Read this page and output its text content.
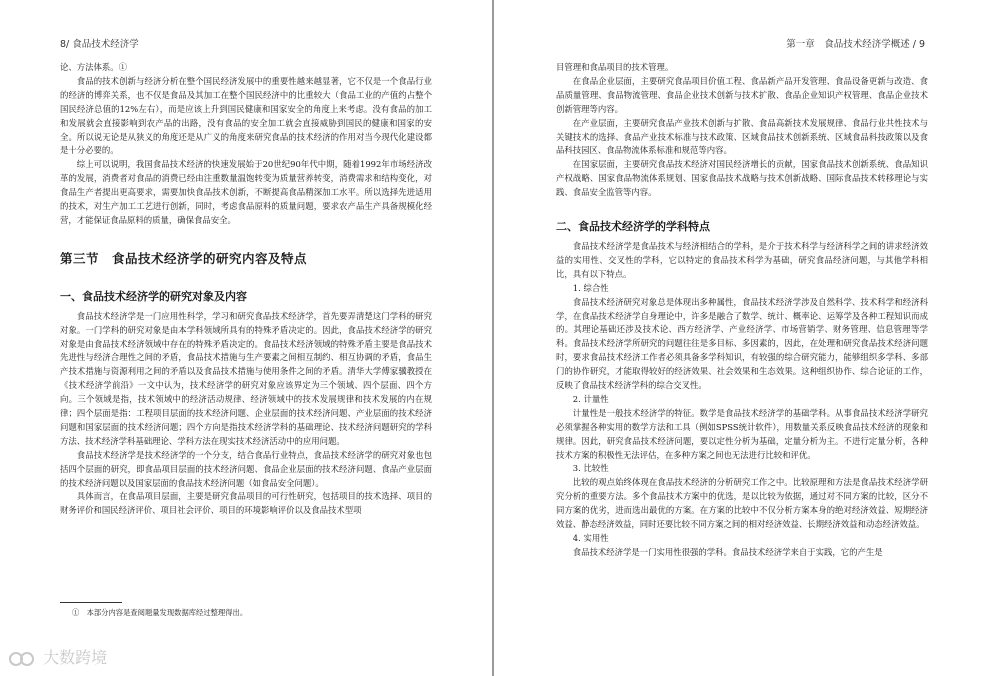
8/ 食品技术经济学	第一章　食品技术经济学概述 / 9

论、方法体系。①

食品的技术创新与经济分析在整个国民经济发展中的重要性越来越显著，它不仅是一个食品行业的经济的博弈关系，也不仅是食品及其加工在整个国民经济中的比重较大（食品工业的产值约占整个国民经济总值的12%左右），而是应该上升到国民健康和国家安全的角度上来考虑。没有食品的加工和发展就会直接影响到农产品的出路，没有食品的安全加工就会直接威胁到国民的健康和国家的安全。所以说无论是从狭义的角度还是从广义的角度来研究食品的技术经济的作用对当今现代化建设都是十分必要的。

综上可以说明，我国食品技术经济的快速发展始于20世纪90年代中期，随着1992年市场经济改革的发展，消费者对食品的消费已经由注重数量温饱转变为质量营养转变，消费需求和结构变化，对食品生产者提出更高要求，需要加快食品技术创新，不断提高食品精深加工水平。所以选择先进适用的技术，对生产加工工艺进行创新，同时，考虑食品原料的质量问题，要求农产品生产具备规模化经营，才能保证食品原料的质量，确保食品安全。

第三节　食品技术经济学的研究内容及特点
一、食品技术经济学的研究对象及内容

食品技术经济学是一门应用性科学，学习和研究食品技术经济学，首先要弄清楚这门学科的研究对象。一门学科的研究对象是由本学科领域所具有的特殊矛盾决定的。因此，食品技术经济学的研究对象是由食品技术经济领域中存在的特殊矛盾决定的。食品技术经济领域的特殊矛盾主要是食品技术先进性与经济合理性之间的矛盾，食品技术措施与生产要素之间相互制约、相互协调的矛盾，食品生产技术措施与资源利用之间的矛盾以及食品技术措施与使用条件之间的矛盾。清华大学傅家骥教授在《技术经济学前沿》一文中认为，技术经济学的研究对象应该界定为三个领域、四个层面、四个方向。三个领域是指，技术领域中的经济活动规律、经济领域中的技术发展规律和技术发展的内在规律；四个层面是指：工程项目层面的技术经济问题、企业层面的技术经济问题、产业层面的技术经济问题和国家层面的技术经济问题；四个方向是指技术经济学科的基础理论、技术经济问题研究的学科方法、技术经济学科基础理论、学科方法在现实技术经济活动中的应用问题。

食品技术经济学是技术经济学的一个分支，结合食品行业特点，食品技术经济学的研究对象也包括四个层面的研究，即食品项目层面的技术经济问题、食品企业层面的技术经济问题、食品产业层面的技术经济问题以及国家层面的食品技术经济问题（如食品安全问题）。

具体而言，在食品项目层面，主要是研究食品项目的可行性研究，包括项目的技术选择、项目的财务评价和国民经济评价、项目社会评价、项目的环境影响评价以及食品技术型项

①　本部分内容是查阅题量发现数据库经过整理得出。

目管理和食品项目的技术管理。

在食品企业层面，主要研究食品项目价值工程、食品新产品开发管理、食品设备更新与改造、食品质量管理、食品物流管理、食品企业技术创新与技术扩散、食品企业知识产权管理、食品企业技术创新管理等内容。

在产业层面，主要研究食品产业技术创新与扩散、食品高新技术发展规律、食品行业共性技术与关键技术的选择、食品产业技术标准与技术政策、区域食品技术创新系统、区域食品科技政策以及食品科技园区、食品物流体系标准和规范等内容。

在国家层面，主要研究食品技术经济对国民经济增长的贡献，国家食品技术创新系统、食品知识产权战略、国家食品物流体系规划、国家食品技术战略与技术创新战略、国际食品技术转移理论与实践、食品安全监管等内容。

二、食品技术经济学的学科特点

食品技术经济学是食品技术与经济相结合的学科，是介于技术科学与经济科学之间的讲求经济效益的实用性、交叉性的学科，它以特定的食品技术科学为基础，研究食品经济问题，与其他学科相比，具有以下特点。

1. 综合性

食品技术经济研究对象总是体现出多种属性，食品技术经济学涉及自然科学、技术科学和经济科学，在食品技术经济学自身理论中，许多是融合了数学、统计、概率论、运筹学及各种工程知识而成的。其理论基础还涉及技术论、西方经济学、产业经济学、市场营销学、财务管理、信息管理等学科。食品技术经济学所研究的问题往往是多目标、多因素的，因此，在处理和研究食品技术经济问题时，要求食品技术经济工作者必须具备多学科知识，有较强的综合研究能力，能够组织多学科、多部门的协作研究，才能取得较好的经济效果、社会效果和生态效果。这种组织协作、综合论证的工作，反映了食品技术经济学科的综合交叉性。

2. 计量性

计量性是一般技术经济学的特征。数学是食品技术经济学的基础学科。从事食品技术经济学研究必须掌握各种实用的数学方法和工具（例如SPSS统计软件），用数量关系反映食品技术经济的现象和规律。因此，研究食品技术经济问题，要以定性分析为基础，定量分析为主。不进行定量分析，各种技术方案的积极性无法评估，在多种方案之间也无法进行比较和评优。

3. 比较性

比较的观点始终体现在食品技术经济的分析研究工作之中。比较原理和方法是食品技术经济学研究分析的重要方法。多个食品技术方案中的优选，是以比较为依据，通过对不同方案的比较，区分不同方案的优劣，进而选出最优的方案。在方案的比较中不仅分析方案本身的绝对经济效益、短期经济效益、静态经济效益，同时还要比较不同方案之间的相对经济效益、长期经济效益和动态经济效益。

4. 实用性

食品技术经济学是一门实用性很强的学科。食品技术经济学来自于实践，它的产生是

大数跨境
